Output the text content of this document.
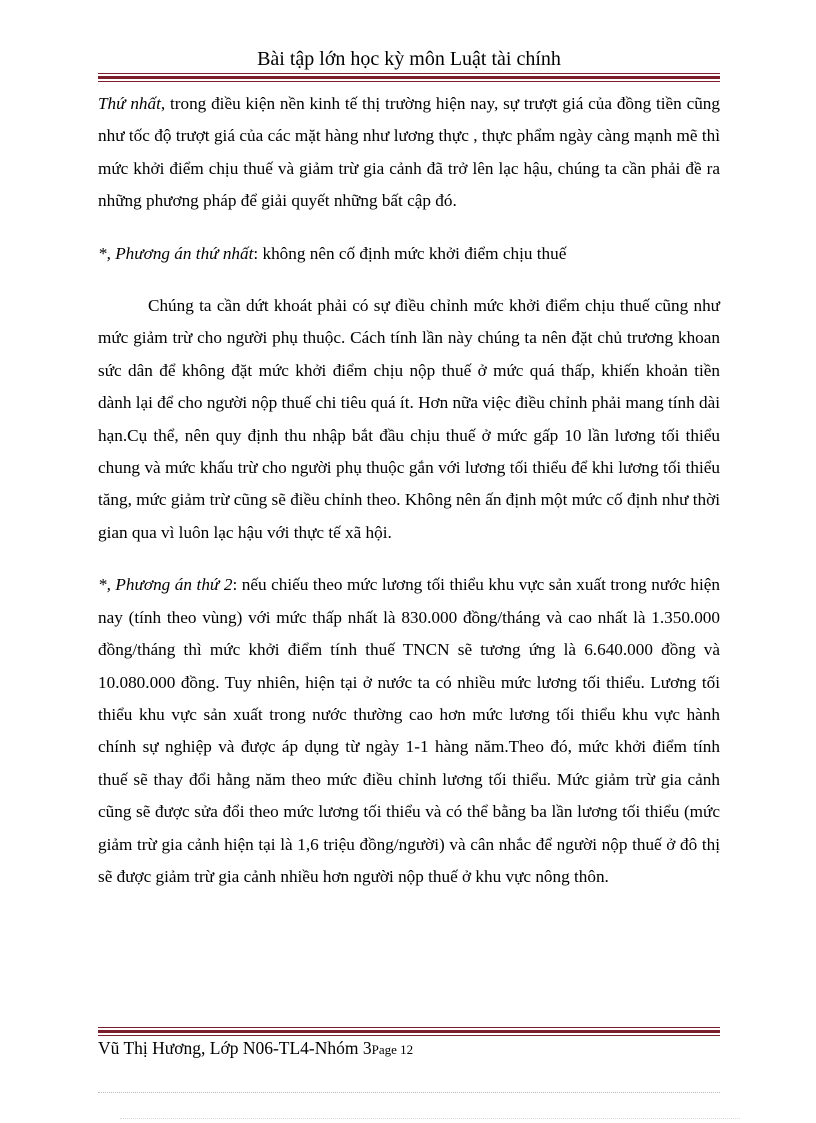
Bài tập lớn học kỳ môn Luật tài chính

Thứ nhất, trong điều kiện nền kinh tế thị trường hiện nay, sự trượt giá của đồng tiền cũng như tốc độ trượt giá của các mặt hàng như lương thực , thực phẩm ngày càng mạnh mẽ thì mức khởi điểm chịu thuế và giảm trừ gia cảnh đã trở lên lạc hậu, chúng ta cần phải đề ra những phương pháp để giải quyết những bất cập đó.

*, Phương án thứ nhất: không nên cố định mức khởi điểm chịu thuế

Chúng ta cần dứt khoát phải có sự điều chỉnh mức khởi điểm chịu thuế cũng như mức giảm trừ cho người phụ thuộc. Cách tính lần này chúng ta nên đặt chủ trương khoan sức dân để không đặt mức khởi điểm chịu nộp thuế ở mức quá thấp, khiến khoản tiền dành lại để cho người nộp thuế chi tiêu quá ít. Hơn nữa việc điều chỉnh phải mang tính dài hạn.Cụ thể, nên quy định thu nhập bắt đầu chịu thuế ở mức gấp 10 lần lương tối thiểu chung và mức khấu trừ cho người phụ thuộc gắn với lương tối thiểu để khi lương tối thiểu tăng, mức giảm trừ cũng sẽ điều chỉnh theo. Không nên ấn định một mức cố định như thời gian qua vì luôn lạc hậu với thực tế xã hội.

*, Phương án thứ 2: nếu chiếu theo mức lương tối thiểu khu vực sản xuất trong nước hiện nay (tính theo vùng) với mức thấp nhất là 830.000 đồng/tháng và cao nhất là 1.350.000 đồng/tháng thì mức khởi điểm tính thuế TNCN sẽ tương ứng là 6.640.000 đồng và 10.080.000 đồng. Tuy nhiên, hiện tại ở nước ta có nhiều mức lương tối thiểu. Lương tối thiểu khu vực sản xuất trong nước thường cao hơn mức lương tối thiểu khu vực hành chính sự nghiệp và được áp dụng từ ngày 1-1 hàng năm.Theo đó, mức khởi điểm tính thuế sẽ thay đổi hằng năm theo mức điều chỉnh lương tối thiểu. Mức giảm trừ gia cảnh cũng sẽ được sửa đổi theo mức lương tối thiểu và có thể bằng ba lần lương tối thiểu (mức giảm trừ gia cảnh hiện tại là 1,6 triệu đồng/người) và cân nhắc để người nộp thuế ở đô thị sẽ được giảm trừ gia cảnh nhiều hơn người nộp thuế ở khu vực nông thôn.

Vũ Thị Hương, Lớp N06-TL4-Nhóm 3Page 12
